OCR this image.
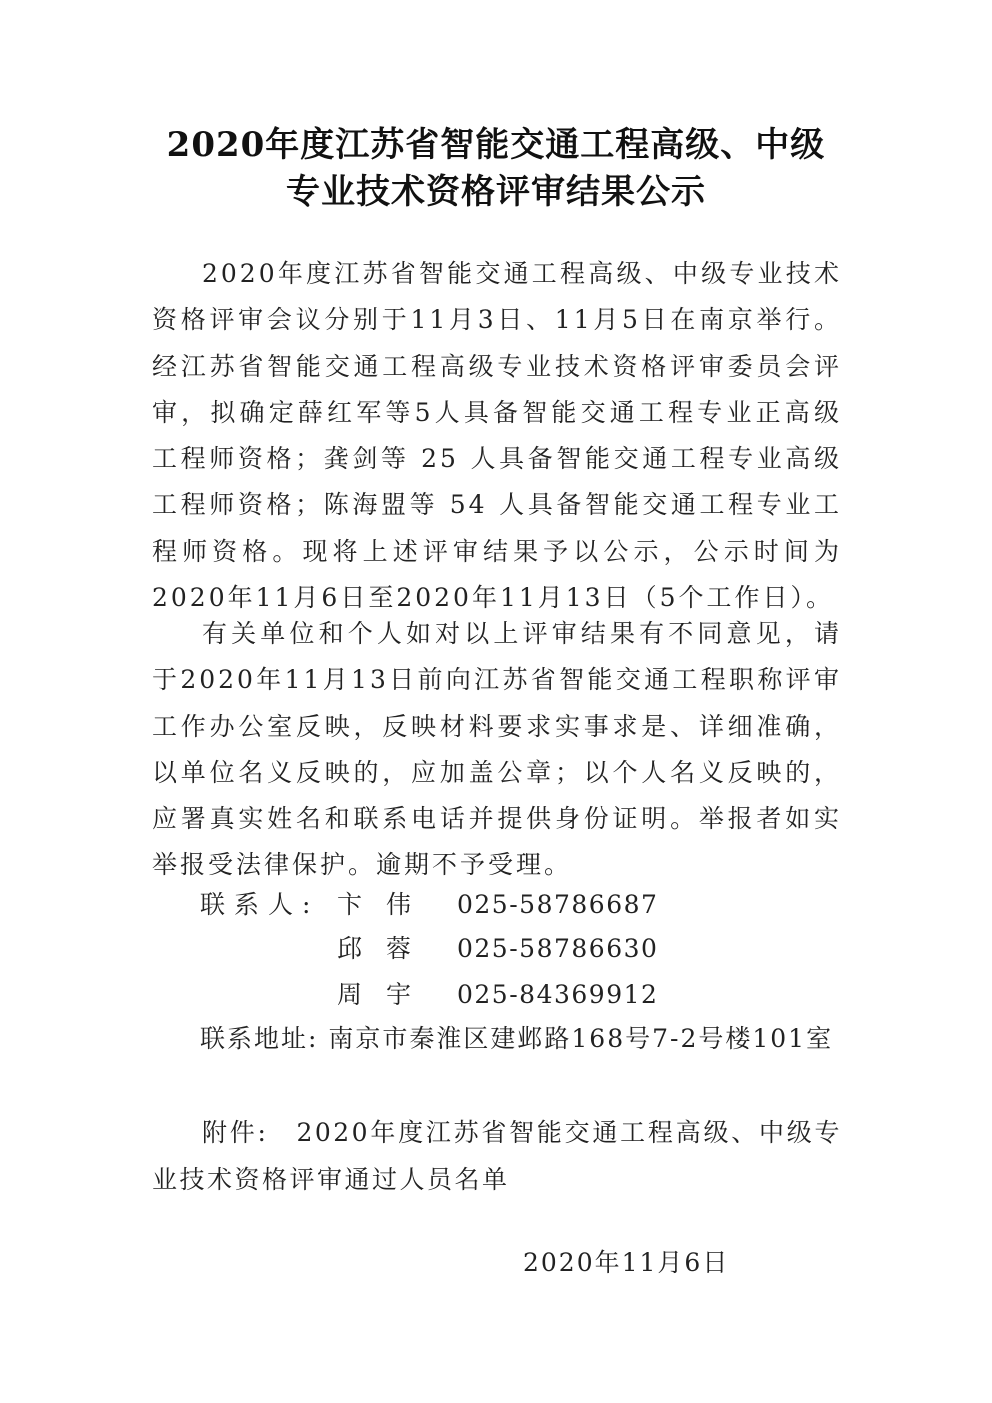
2020年度江苏省智能交通工程高级、中级
专业技术资格评审结果公示

2020年度江苏省智能交通工程高级、中级专业技术资格评审会议分别于11月3日、11月5日在南京举行。经江苏省智能交通工程高级专业技术资格评审委员会评审，拟确定薛红军等5人具备智能交通工程专业正高级工程师资格；龚剑等 25 人具备智能交通工程专业高级工程师资格；陈海盟等 54 人具备智能交通工程专业工程师资格。现将上述评审结果予以公示，公示时间为2020年11月6日至2020年11月13日（5个工作日）。

有关单位和个人如对以上评审结果有不同意见，请于2020年11月13日前向江苏省智能交通工程职称评审工作办公室反映，反映材料要求实事求是、详细准确，以单位名义反映的，应加盖公章；以个人名义反映的，应署真实姓名和联系电话并提供身份证明。举报者如实举报受法律保护。逾期不予受理。

联系人: 卞伟 025-58786687
邱蓉 025-58786630
周宇 025-84369912
联系地址: 南京市秦淮区建邺路168号7-2号楼101室

附件: 2020年度江苏省智能交通工程高级、中级专业技术资格评审通过人员名单

2020年11月6日
